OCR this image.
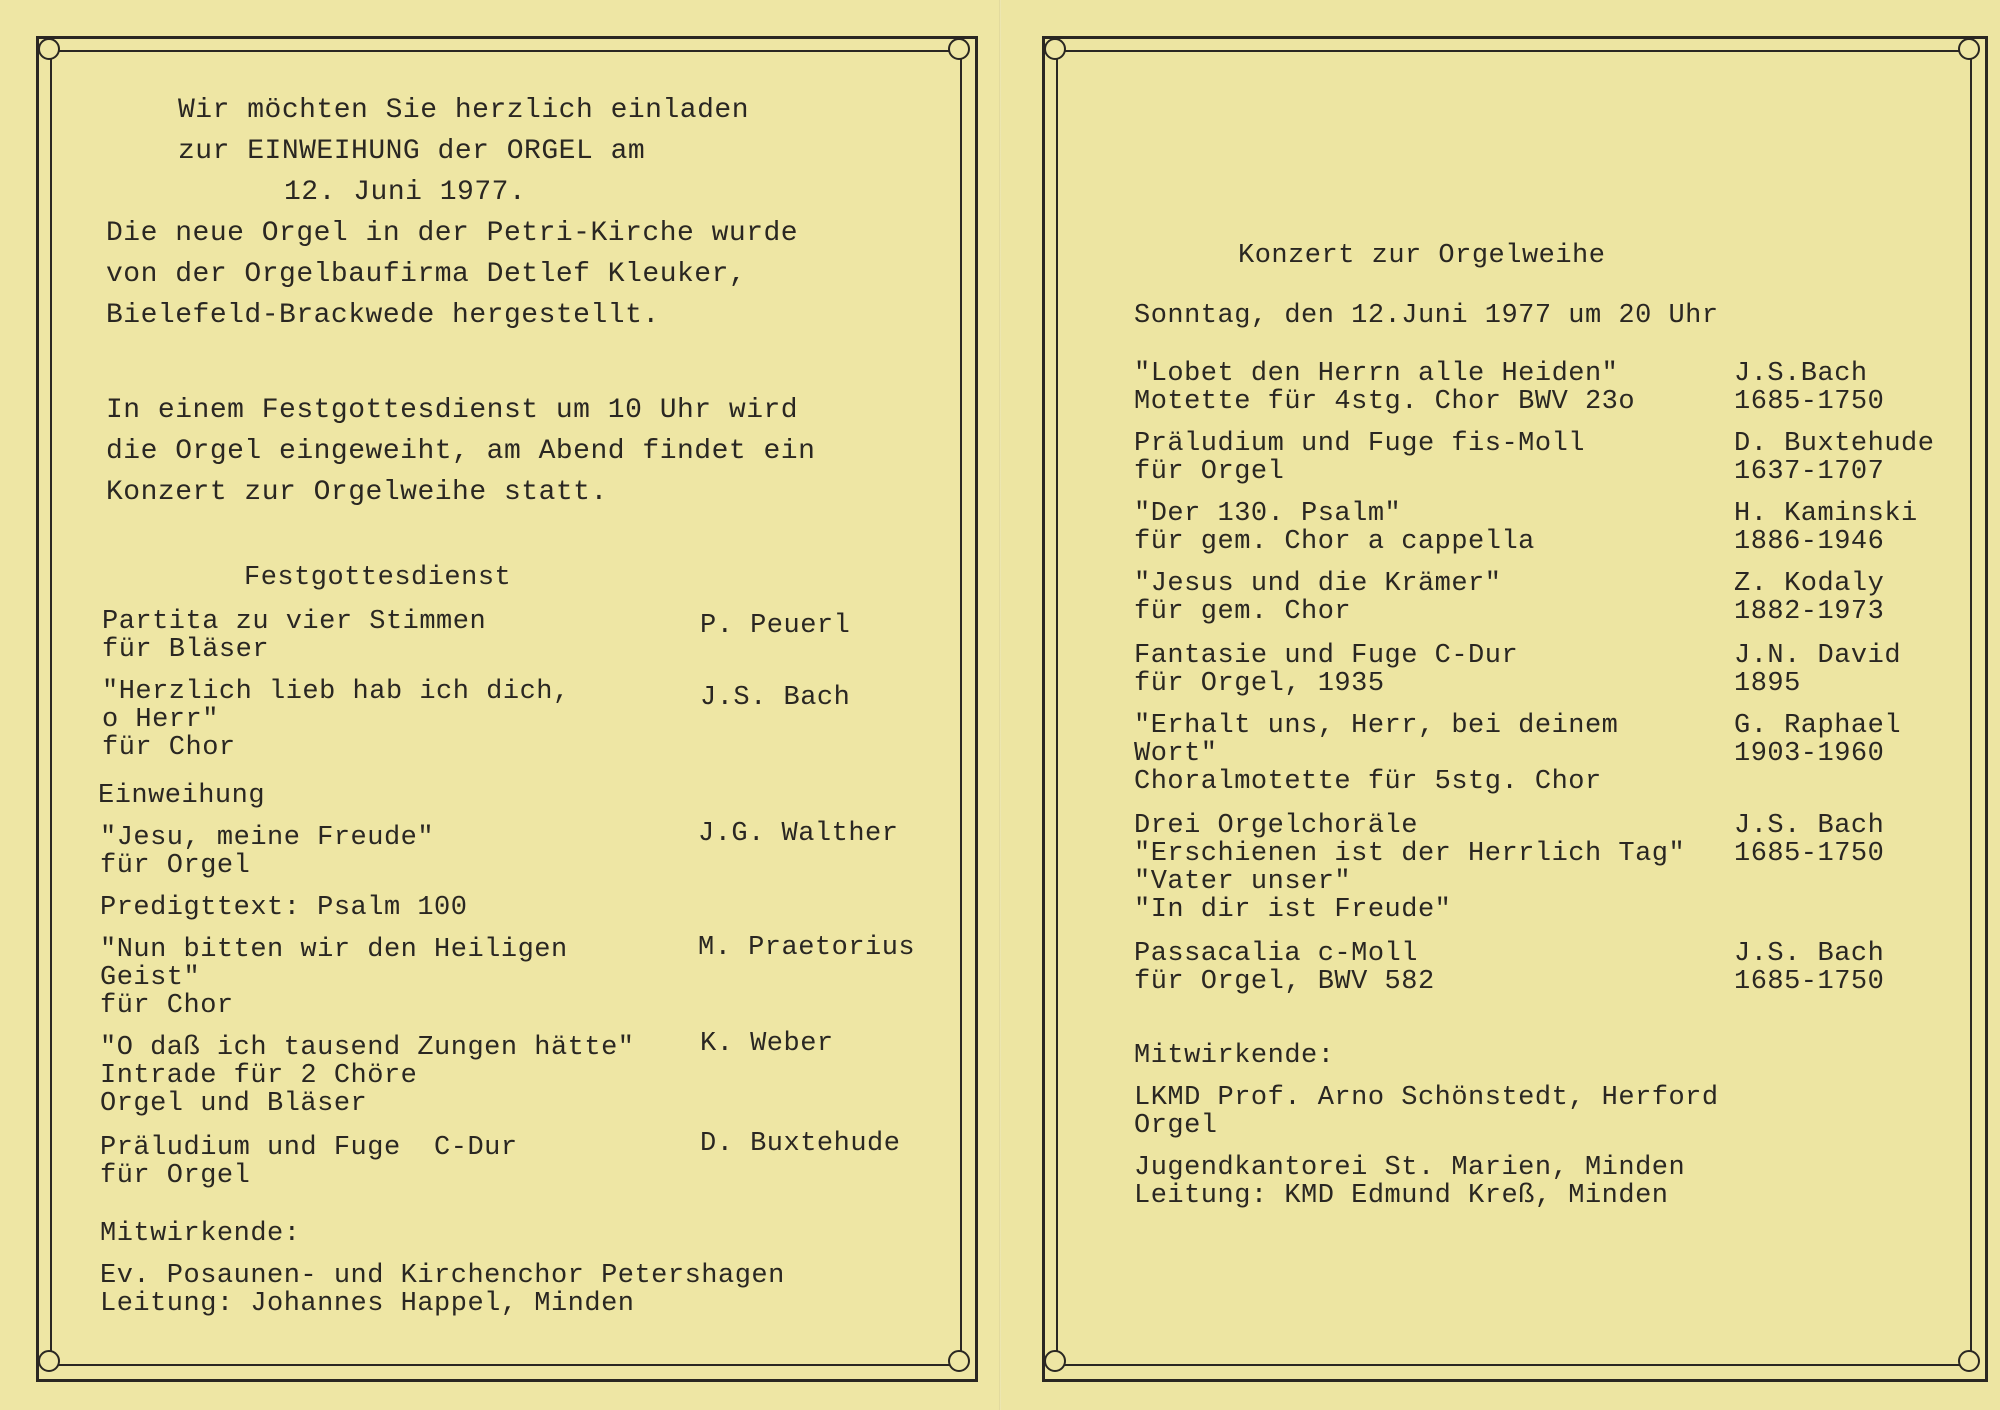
Wir möchten Sie herzlich einladen
zur EINWEIHUNG der ORGEL am
12. Juni 1977.
Die neue Orgel in der Petri-Kirche wurde
von der Orgelbaufirma Detlef Kleuker,
Bielefeld-Brackwede hergestellt.
In einem Festgottesdienst um 10 Uhr wird
die Orgel eingeweiht, am Abend findet ein
Konzert zur Orgelweihe statt.
Festgottesdienst
Partita zu vier Stimmen
für Bläser
P. Peuerl
"Herzlich lieb hab ich dich,
o Herr"
für Chor
J.S. Bach
Einweihung
"Jesu, meine Freude"
für Orgel
J.G. Walther
Predigttext: Psalm 100
"Nun bitten wir den Heiligen
Geist"
für Chor
M. Praetorius
"O daß ich tausend Zungen hätte"
Intrade für 2 Chöre
Orgel und Bläser
K. Weber
Präludium und Fuge  C-Dur
für Orgel
D. Buxtehude
Mitwirkende:
Ev. Posaunen- und Kirchenchor Petershagen
Leitung: Johannes Happel, Minden
Konzert zur Orgelweihe
Sonntag, den 12.Juni 1977 um 20 Uhr
"Lobet den Herrn alle Heiden"
Motette für 4stg. Chor BWV 23o
J.S.Bach
1685-1750
Präludium und Fuge fis-Moll
für Orgel
D. Buxtehude
1637-1707
"Der 130. Psalm"
für gem. Chor a cappella
H. Kaminski
1886-1946
"Jesus und die Krämer"
für gem. Chor
Z. Kodaly
1882-1973
Fantasie und Fuge C-Dur
für Orgel, 1935
J.N. David
1895
"Erhalt uns, Herr, bei deinem
Wort"
Choralmotette für 5stg. Chor
G. Raphael
1903-1960
Drei Orgelchoräle
"Erschienen ist der Herrlich Tag"
"Vater unser"
"In dir ist Freude"
J.S. Bach
1685-1750
Passacalia c-Moll
für Orgel, BWV 582
J.S. Bach
1685-1750
Mitwirkende:
LKMD Prof. Arno Schönstedt, Herford
Orgel
Jugendkantorei St. Marien, Minden
Leitung: KMD Edmund Kreß, Minden
